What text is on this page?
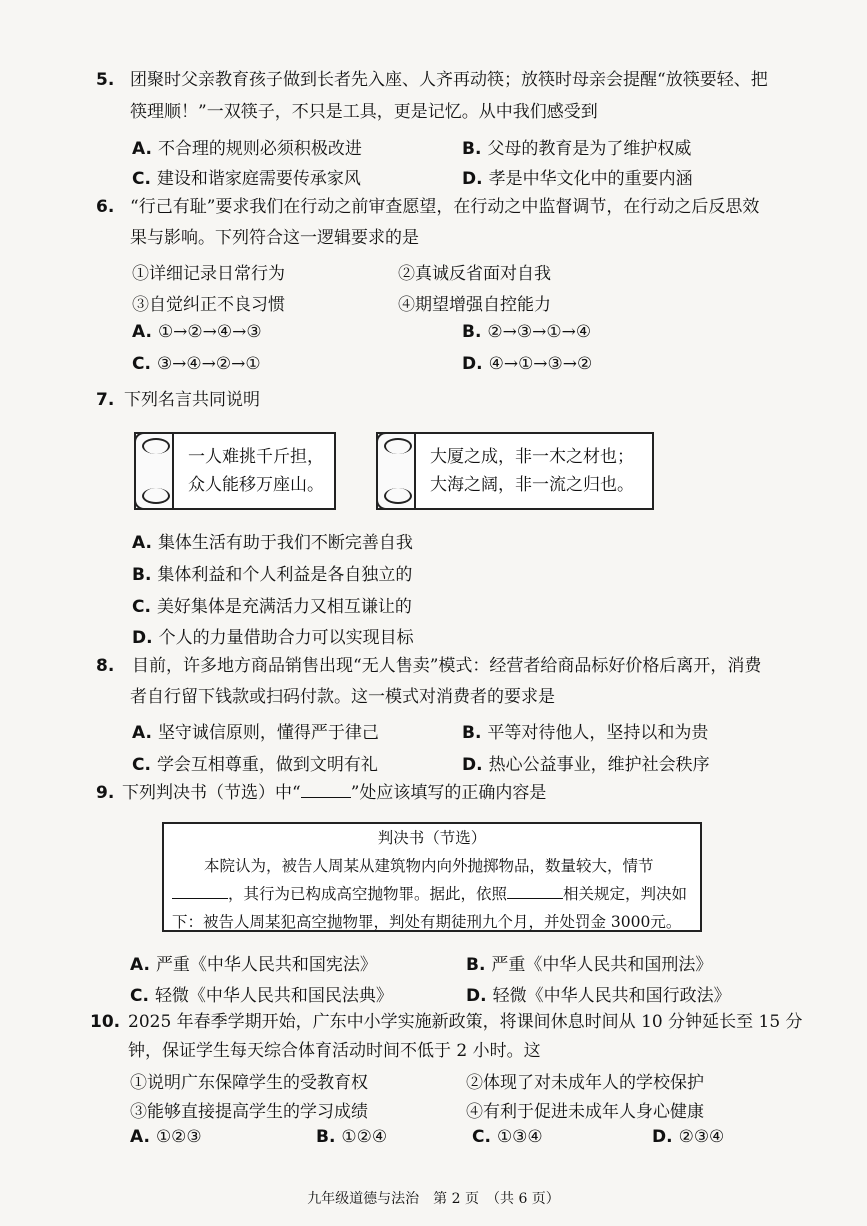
5. 团聚时父亲教育孩子做到长者先入座、人齐再动筷；放筷时母亲会提醒“放筷要轻、把
筷理顺！”一双筷子，不只是工具，更是记忆。从中我们感受到
A. 不合理的规则必须积极改进	B. 父母的教育是为了维护权威
C. 建设和谐家庭需要传承家风	D. 孝是中华文化中的重要内涵
6. “行己有耻”要求我们在行动之前审查愿望，在行动之中监督调节，在行动之后反思效
果与影响。下列符合这一逻辑要求的是
①详细记录日常行为	②真诚反省面对自我
③自觉纠正不良习惯	④期望增强自控能力
A. ①→②→④→③	B. ②→③→①→④
C. ③→④→②→①	D. ④→①→③→②
7. 下列名言共同说明
一人难挑千斤担，
众人能移万座山。
大厦之成，非一木之材也；
大海之阔，非一流之归也。
A. 集体生活有助于我们不断完善自我
B. 集体利益和个人利益是各自独立的
C. 美好集体是充满活力又相互谦让的
D. 个人的力量借助合力可以实现目标
8. 目前，许多地方商品销售出现“无人售卖”模式：经营者给商品标好价格后离开，消费
者自行留下钱款或扫码付款。这一模式对消费者的要求是
A. 坚守诚信原则，懂得严于律己	B. 平等对待他人，坚持以和为贵
C. 学会互相尊重，做到文明有礼	D. 热心公益事业，维护社会秩序
9. 下列判决书（节选）中“	”处应该填写的正确内容是
判决书（节选）
本院认为，被告人周某从建筑物内向外抛掷物品，数量较大，情节
，其行为已构成高空抛物罪。据此，依照	相关规定，判决如
下：被告人周某犯高空抛物罪，判处有期徒刑九个月，并处罚金 3000元。
A. 严重《中华人民共和国宪法》	B. 严重《中华人民共和国刑法》
C. 轻微《中华人民共和国民法典》	D. 轻微《中华人民共和国行政法》
10. 2025 年春季学期开始，广东中小学实施新政策，将课间休息时间从 10 分钟延长至 15 分
钟，保证学生每天综合体育活动时间不低于 2 小时。这
①说明广东保障学生的受教育权	②体现了对未成年人的学校保护
③能够直接提高学生的学习成绩	④有利于促进未成年人身心健康
A. ①②③	B. ①②④	C. ①③④	D. ②③④
九年级道德与法治　第 2 页　（共 6 页）
